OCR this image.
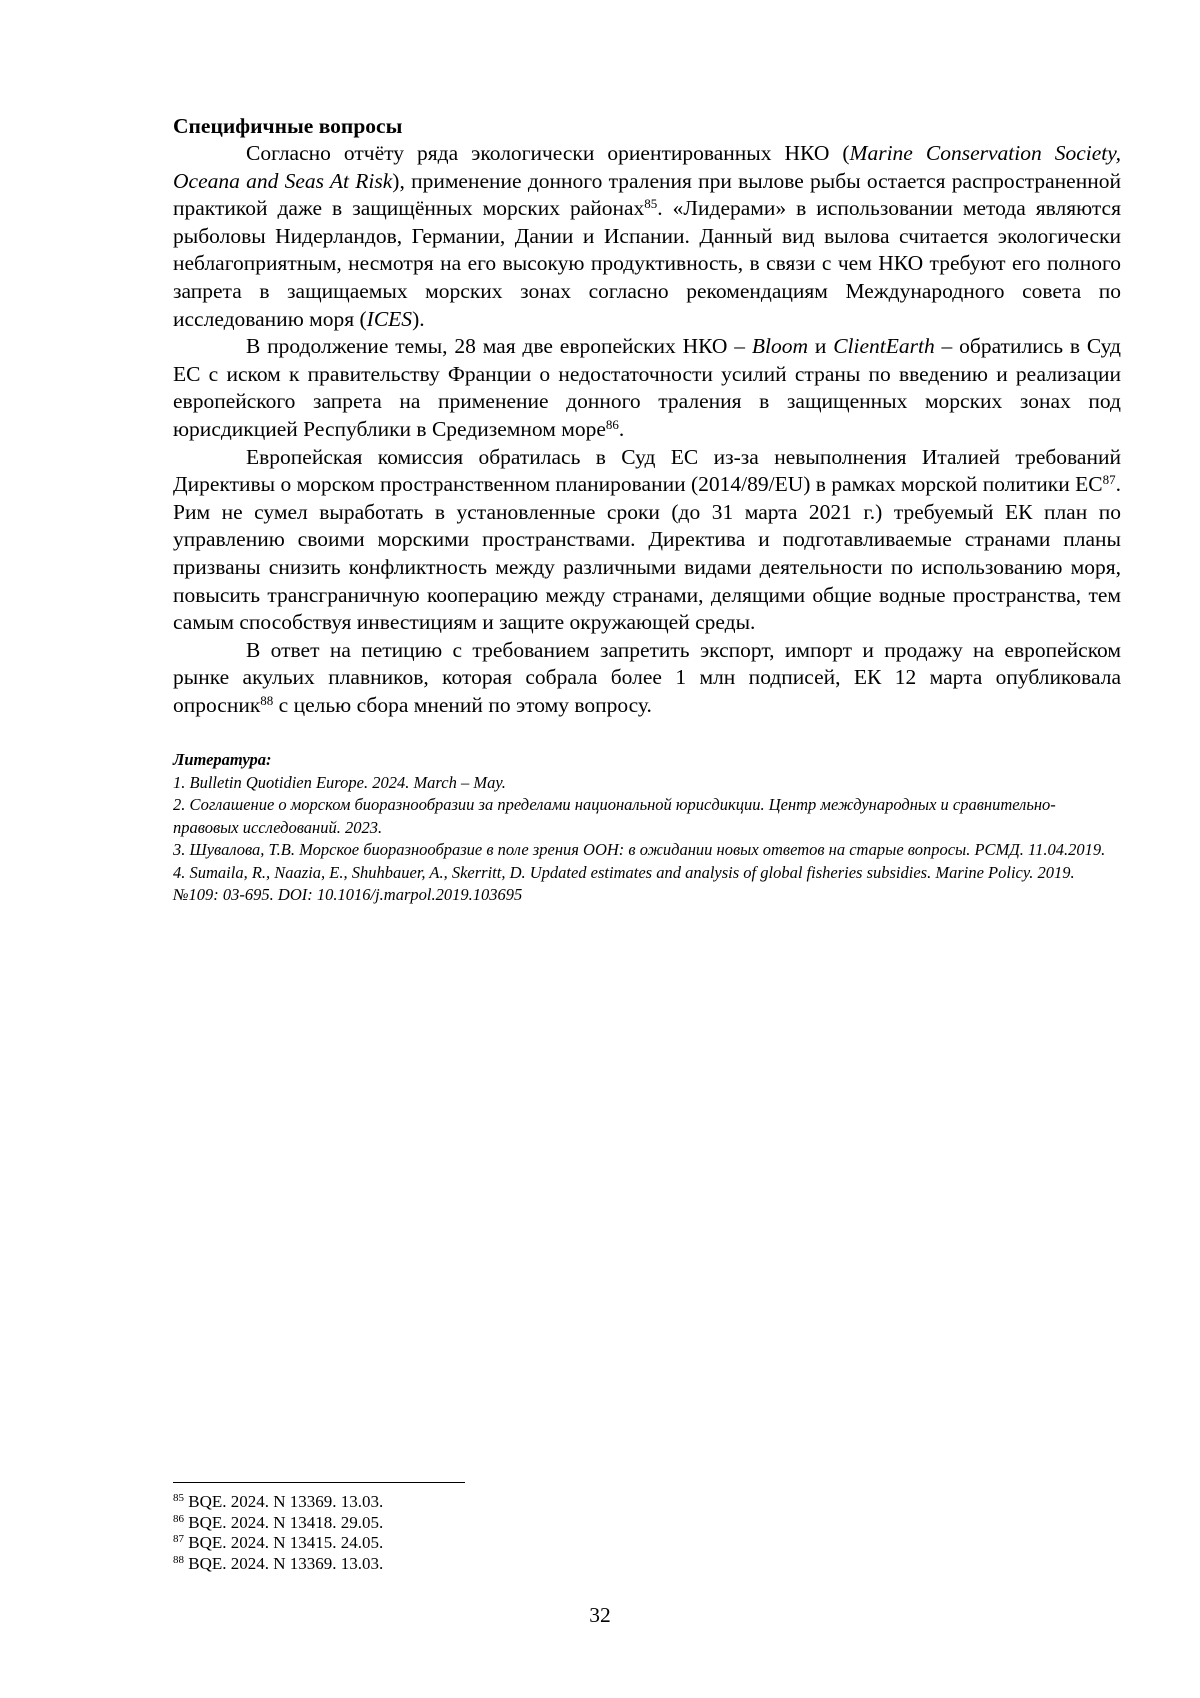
Специфичные вопросы

Согласно отчёту ряда экологически ориентированных НКО (Marine Conservation Society, Oceana and Seas At Risk), применение донного траления при вылове рыбы остается распространенной практикой даже в защищённых морских районах$^{85}$. «Лидерами» в использовании метода являются рыболовы Нидерландов, Германии, Дании и Испании. Данный вид вылова считается экологически неблагоприятным, несмотря на его высокую продуктивность, в связи с чем НКО требуют его полного запрета в защищаемых морских зонах согласно рекомендациям Международного совета по исследованию моря (ICES).

В продолжение темы, 28 мая две европейских НКО – Bloom и ClientEarth – обратились в Суд ЕС с иском к правительству Франции о недостаточности усилий страны по введению и реализации европейского запрета на применение донного траления в защищенных морских зонах под юрисдикцией Республики в Средиземном море$^{86}$.

Европейская комиссия обратилась в Суд ЕС из-за невыполнения Италией требований Директивы о морском пространственном планировании (2014/89/EU) в рамках морской политики ЕС$^{87}$. Рим не сумел выработать в установленные сроки (до 31 марта 2021 г.) требуемый ЕК план по управлению своими морскими пространствами. Директива и подготавливаемые странами планы призваны снизить конфликтность между различными видами деятельности по использованию моря, повысить трансграничную кооперацию между странами, делящими общие водные пространства, тем самым способствуя инвестициям и защите окружающей среды.

В ответ на петицию с требованием запретить экспорт, импорт и продажу на европейском рынке акульих плавников, которая собрала более 1 млн подписей, ЕК 12 марта опубликовала опросник$^{88}$ с целью сбора мнений по этому вопросу.

Литература:

1. Bulletin Quotidien Europe. 2024. March – May.

2. Соглашение о морском биоразнообразии за пределами национальной юрисдикции. Центр международных и сравнительно-правовых исследований. 2023.

3. Шувалова, Т.В. Морское биоразнообразие в поле зрения ООН: в ожидании новых ответов на старые вопросы. РСМД. 11.04.2019.

4. Sumaila, R., Naazia, E., Shuhbauer, A., Skerritt, D. Updated estimates and analysis of global fisheries subsidies. Marine Policy. 2019. №109: 03-695. DOI: 10.1016/j.marpol.2019.103695

$^{85}$ BQE. 2024. N 13369. 13.03.

$^{86}$ BQE. 2024. N 13418. 29.05.

$^{87}$ BQE. 2024. N 13415. 24.05.

$^{88}$ BQE. 2024. N 13369. 13.03.

32
